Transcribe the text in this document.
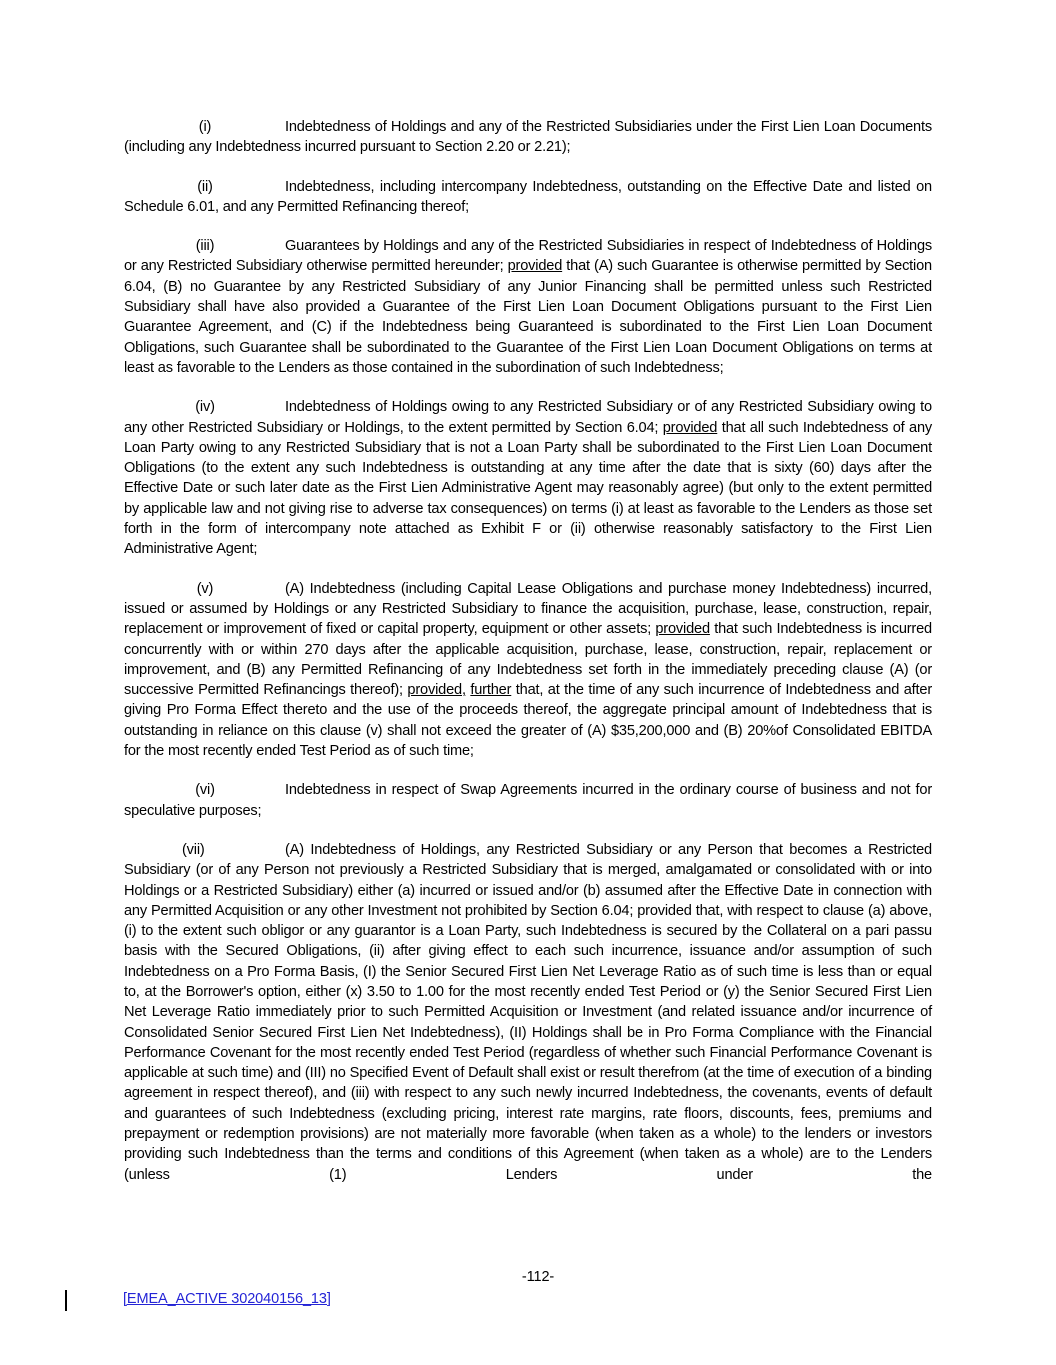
(i)	Indebtedness of Holdings and any of the Restricted Subsidiaries under the First Lien Loan Documents (including any Indebtedness incurred pursuant to Section 2.20 or 2.21);

(ii)	Indebtedness, including intercompany Indebtedness, outstanding on the Effective Date and listed on Schedule 6.01, and any Permitted Refinancing thereof;

(iii)	Guarantees by Holdings and any of the Restricted Subsidiaries in respect of Indebtedness of Holdings or any Restricted Subsidiary otherwise permitted hereunder; provided that (A) such Guarantee is otherwise permitted by Section 6.04, (B) no Guarantee by any Restricted Subsidiary of any Junior Financing shall be permitted unless such Restricted Subsidiary shall have also provided a Guarantee of the First Lien Loan Document Obligations pursuant to the First Lien Guarantee Agreement, and (C) if the Indebtedness being Guaranteed is subordinated to the First Lien Loan Document Obligations, such Guarantee shall be subordinated to the Guarantee of the First Lien Loan Document Obligations on terms at least as favorable to the Lenders as those contained in the subordination of such Indebtedness;

(iv)	Indebtedness of Holdings owing to any Restricted Subsidiary or of any Restricted Subsidiary owing to any other Restricted Subsidiary or Holdings, to the extent permitted by Section 6.04; provided that all such Indebtedness of any Loan Party owing to any Restricted Subsidiary that is not a Loan Party shall be subordinated to the First Lien Loan Document Obligations (to the extent any such Indebtedness is outstanding at any time after the date that is sixty (60) days after the Effective Date or such later date as the First Lien Administrative Agent may reasonably agree) (but only to the extent permitted by applicable law and not giving rise to adverse tax consequences) on terms (i) at least as favorable to the Lenders as those set forth in the form of intercompany note attached as Exhibit F or (ii) otherwise reasonably satisfactory to the First Lien Administrative Agent;

(v)	(A) Indebtedness (including Capital Lease Obligations and purchase money Indebtedness) incurred, issued or assumed by Holdings or any Restricted Subsidiary to finance the acquisition, purchase, lease, construction, repair, replacement or improvement of fixed or capital property, equipment or other assets; provided that such Indebtedness is incurred concurrently with or within 270 days after the applicable acquisition, purchase, lease, construction, repair, replacement or improvement, and (B) any Permitted Refinancing of any Indebtedness set forth in the immediately preceding clause (A) (or successive Permitted Refinancings thereof); provided, further that, at the time of any such incurrence of Indebtedness and after giving Pro Forma Effect thereto and the use of the proceeds thereof, the aggregate principal amount of Indebtedness that is outstanding in reliance on this clause (v) shall not exceed the greater of (A) $35,200,000 and (B) 20%of Consolidated EBITDA for the most recently ended Test Period as of such time;

(vi)	Indebtedness in respect of Swap Agreements incurred in the ordinary course of business and not for speculative purposes;

(vii)	(A) Indebtedness of Holdings, any Restricted Subsidiary or any Person that becomes a Restricted Subsidiary (or of any Person not previously a Restricted Subsidiary that is merged, amalgamated or consolidated with or into Holdings or a Restricted Subsidiary) either (a) incurred or issued and/or (b) assumed after the Effective Date in connection with any Permitted Acquisition or any other Investment not prohibited by Section 6.04; provided that, with respect to clause (a) above, (i) to the extent such obligor or any guarantor is a Loan Party, such Indebtedness is secured by the Collateral on a pari passu basis with the Secured Obligations, (ii) after giving effect to each such incurrence, issuance and/or assumption of such Indebtedness on a Pro Forma Basis, (I) the Senior Secured First Lien Net Leverage Ratio as of such time is less than or equal to, at the Borrower's option, either (x) 3.50 to 1.00 for the most recently ended Test Period or (y) the Senior Secured First Lien Net Leverage Ratio immediately prior to such Permitted Acquisition or Investment (and related issuance and/or incurrence of Consolidated Senior Secured First Lien Net Indebtedness), (II) Holdings shall be in Pro Forma Compliance with the Financial Performance Covenant for the most recently ended Test Period (regardless of whether such Financial Performance Covenant is applicable at such time) and (III) no Specified Event of Default shall exist or result therefrom (at the time of execution of a binding agreement in respect thereof), and (iii) with respect to any such newly incurred Indebtedness, the covenants, events of default and guarantees of such Indebtedness (excluding pricing, interest rate margins, rate floors, discounts, fees, premiums and prepayment or redemption provisions) are not materially more favorable (when taken as a whole) to the lenders or investors providing such Indebtedness than the terms and conditions of this Agreement (when taken as a whole) are to the Lenders (unless (1) Lenders under the

-112-
[EMEA_ACTIVE 302040156_13]
